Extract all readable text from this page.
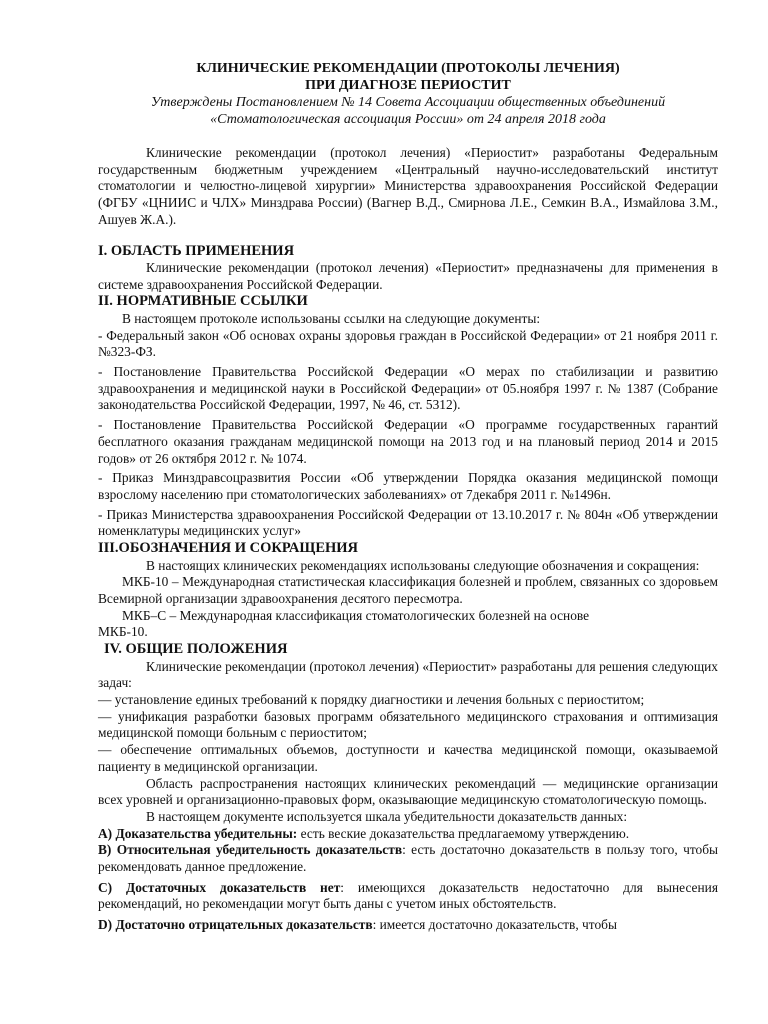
КЛИНИЧЕСКИЕ РЕКОМЕНДАЦИИ (ПРОТОКОЛЫ ЛЕЧЕНИЯ)
ПРИ ДИАГНОЗЕ ПЕРИОСТИТ
Утверждены Постановлением № 14 Совета Ассоциации общественных объединений
«Стоматологическая ассоциация России» от 24 апреля 2018 года

Клинические рекомендации (протокол лечения) «Периостит» разработаны Федеральным государственным бюджетным учреждением «Центральный научно-исследовательский институт стоматологии и челюстно-лицевой хирургии» Министерства здравоохранения Российской Федерации (ФГБУ «ЦНИИС и ЧЛХ» Минздрава России) (Вагнер В.Д., Смирнова Л.Е., Семкин В.А., Измайлова З.М., Ашуев Ж.А.).

I. ОБЛАСТЬ ПРИМЕНЕНИЯ

Клинические рекомендации (протокол лечения) «Периостит» предназначены для применения в системе здравоохранения Российской Федерации.

II. НОРМАТИВНЫЕ ССЫЛКИ

В настоящем протоколе использованы ссылки на следующие документы:

- Федеральный закон «Об основах охраны здоровья граждан в Российской Федерации» от 21 ноября 2011 г. №323-ФЗ.

- Постановление Правительства Российской Федерации «О мерах по стабилизации и развитию здравоохранения и медицинской науки в Российской Федерации» от 05.ноября 1997 г. № 1387 (Собрание законодательства Российской Федерации, 1997, № 46, ст. 5312).

- Постановление Правительства Российской Федерации «О программе государственных гарантий бесплатного оказания гражданам медицинской помощи на 2013 год и на плановый период 2014 и 2015 годов» от 26 октября 2012 г. № 1074.

- Приказ Минздравсоцразвития России «Об утверждении Порядка оказания медицинской помощи взрослому населению при стоматологических заболеваниях» от 7декабря 2011 г. №1496н.

- Приказ Министерства здравоохранения Российской Федерации от 13.10.2017 г. № 804н «Об утверждении номенклатуры медицинских услуг»

III.ОБОЗНАЧЕНИЯ И СОКРАЩЕНИЯ

В настоящих клинических рекомендациях использованы следующие обозначения и сокращения:

МКБ-10 – Международная статистическая классификация болезней и проблем, связанных со здоровьем Всемирной организации здравоохранения десятого пересмотра.

МКБ–С – Международная классификация стоматологических болезней на основе

МКБ-10.

IV. ОБЩИЕ ПОЛОЖЕНИЯ

Клинические рекомендации (протокол лечения) «Периостит» разработаны для решения следующих задач:

— установление единых требований к порядку диагностики и лечения больных с периоститом;

— унификация разработки базовых программ обязательного медицинского страхования и оптимизация медицинской помощи больным с периоститом;

— обеспечение оптимальных объемов, доступности и качества медицинской помощи, оказываемой пациенту в медицинской организации.

Область распространения настоящих клинических рекомендаций — медицинские организации всех уровней и организационно-правовых форм, оказывающие медицинскую стоматологическую помощь.

В настоящем документе используется шкала убедительности доказательств данных:

A) Доказательства убедительны: есть веские доказательства предлагаемому утверждению.

B) Относительная убедительность доказательств: есть достаточно доказательств в пользу того, чтобы рекомендовать данное предложение.

C) Достаточных доказательств нет: имеющихся доказательств недостаточно для вынесения рекомендаций, но рекомендации могут быть даны с учетом иных обстоятельств.

D) Достаточно отрицательных доказательств: имеется достаточно доказательств, чтобы
